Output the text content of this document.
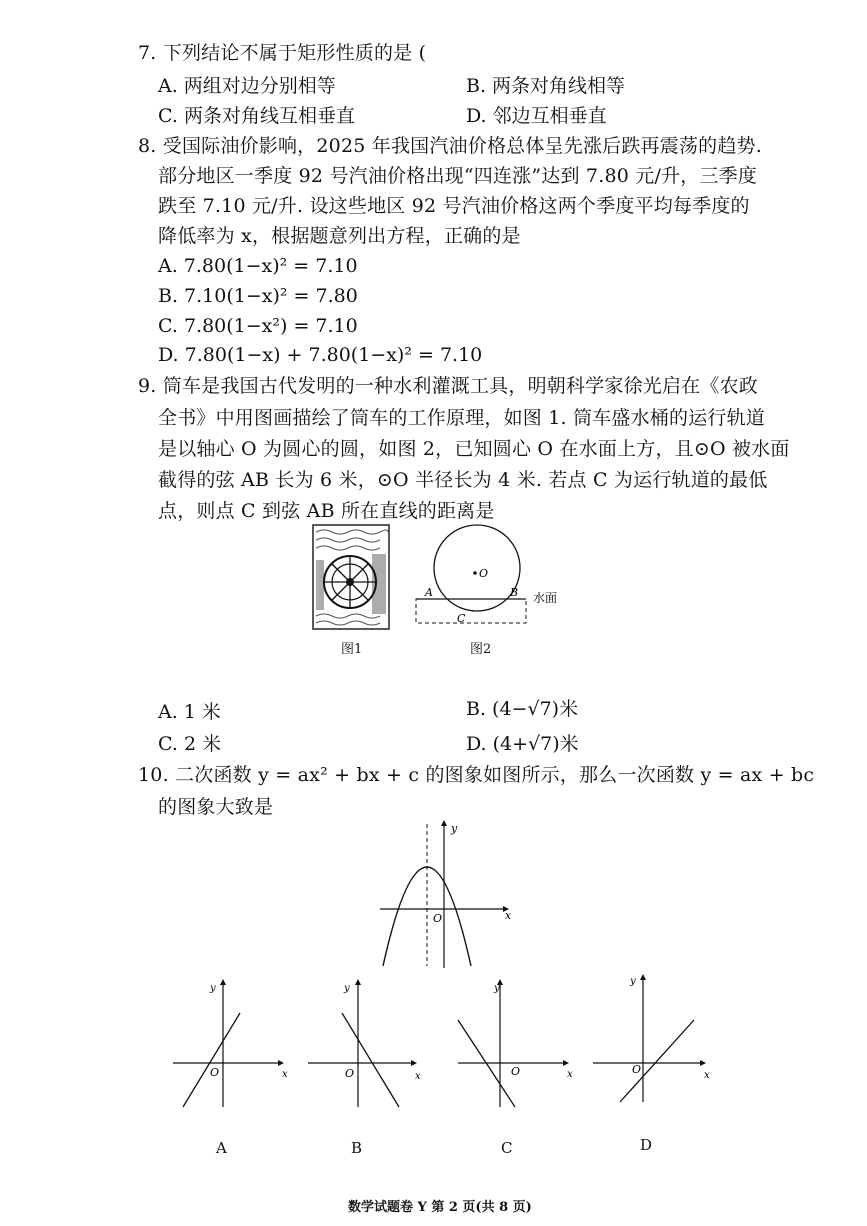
7. 下列结论不属于矩形性质的是 (
A. 两组对边分别相等	B. 两条对角线相等
C. 两条对角线互相垂直	D. 邻边互相垂直
8. 受国际油价影响，2025 年我国汽油价格总体呈先涨后跌再震荡的趋势.
部分地区一季度 92 号汽油价格出现“四连涨”达到 7.80 元/升，三季度
跌至 7.10 元/升. 设这些地区 92 号汽油价格这两个季度平均每季度的
降低率为 x，根据题意列出方程，正确的是
A. 7.80(1−x)² = 7.10
B. 7.10(1−x)² = 7.80
C. 7.80(1−x²) = 7.10
D. 7.80(1−x) + 7.80(1−x)² = 7.10
9. 筒车是我国古代发明的一种水利灌溉工具，明朝科学家徐光启在《农政
全书》中用图画描绘了筒车的工作原理，如图 1. 筒车盛水桶的运行轨道
是以轴心 O 为圆心的圆，如图 2，已知圆心 O 在水面上方，且⊙O 被水面
截得的弦 AB 长为 6 米，⊙O 半径长为 4 米. 若点 C 为运行轨道的最低
点，则点 C 到弦 AB 所在直线的距离是
图1
O
A	B
C
水面
图2
A. 1 米	B. (4−√7)米
C. 2 米	D. (4+√7)米
10. 二次函数 y = ax² + bx + c 的图象如图所示，那么一次函数 y = ax + bc
的图象大致是
x
y
O
x
y
O
A
x
y
O
B
x
y
O
C
x
y
O
D
数学试题卷 Y 第 2 页(共 8 页)
